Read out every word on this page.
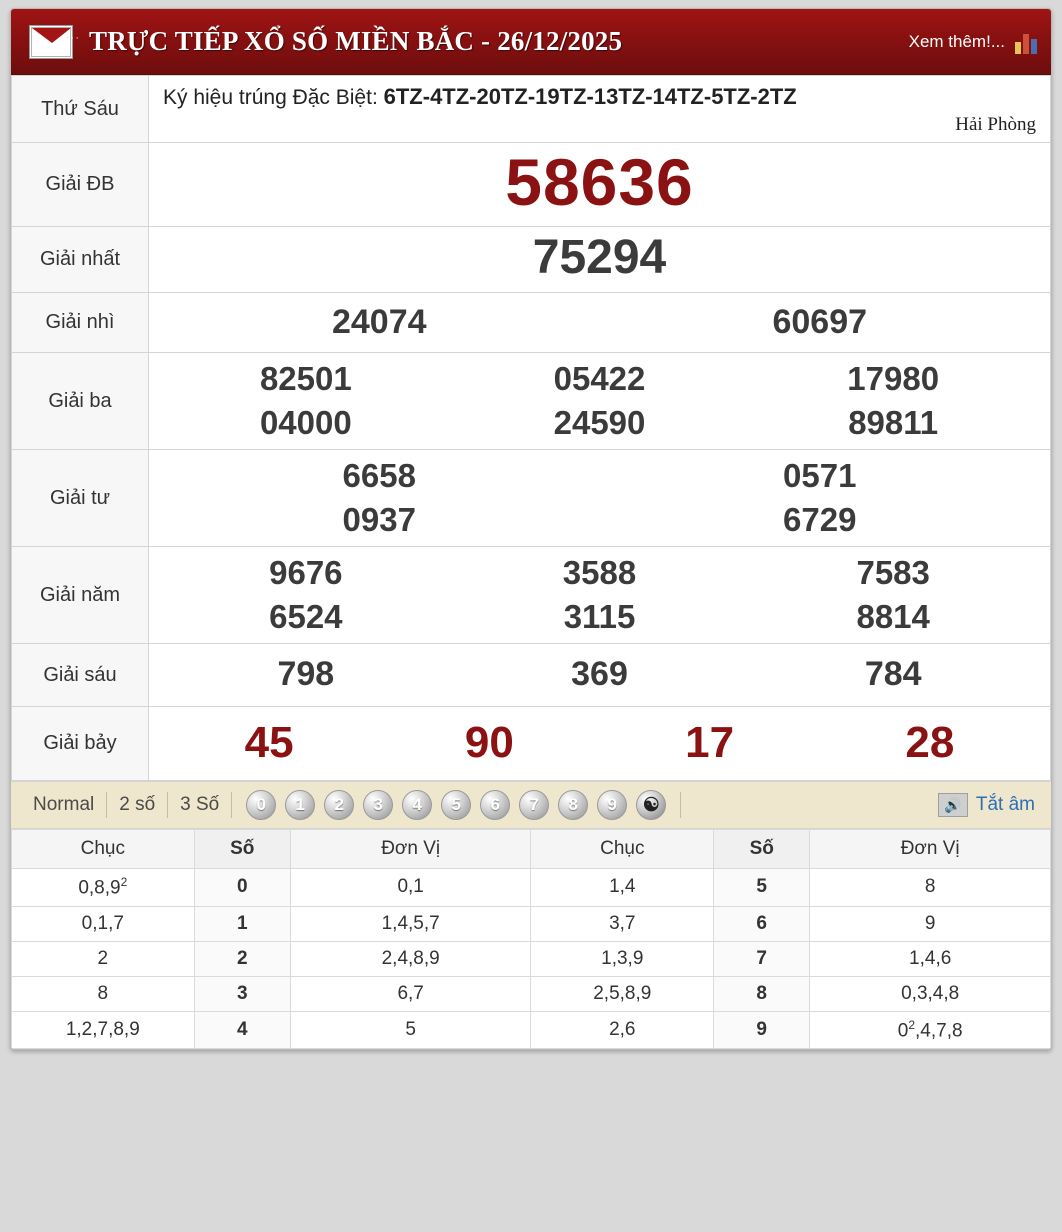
··· TRỰC TIẾP XỔ SỐ MIỀN BẮC - 26/12/2025	Xem thêm!...
Thứ Sáu	Ký hiệu trúng Đặc Biệt: 6TZ-4TZ-20TZ-19TZ-13TZ-14TZ-5TZ-2TZ
Hải Phòng

Giải ĐB	58636

Giải nhất	75294

Giải nhì	24074 60697

Giải ba	
82501	05422	17980
04000	24590	89811

Giải tư	6658 0571
0937 6729

Giải năm	
9676	3588	7583
6524	3115	8814

Giải sáu	798 369 784

Giải bảy	45 90 17 28
Normal	2 số	3 Số	0	1	2	3	4	5	6	7	8	9	☯	🔊 Tắt âm
Chục	Số	Đơn Vị	Chục	Số	Đơn Vị
0,8,9$^2$	0	0,1	1,4	5	8
0,1,7	1	1,4,5,7	3,7	6	9
2	2	2,4,8,9	1,3,9	7	1,4,6
8	3	6,7	2,5,8,9	8	0,3,4,8
1,2,7,8,9	4	5	2,6	9	$0^2,4,7,8$
